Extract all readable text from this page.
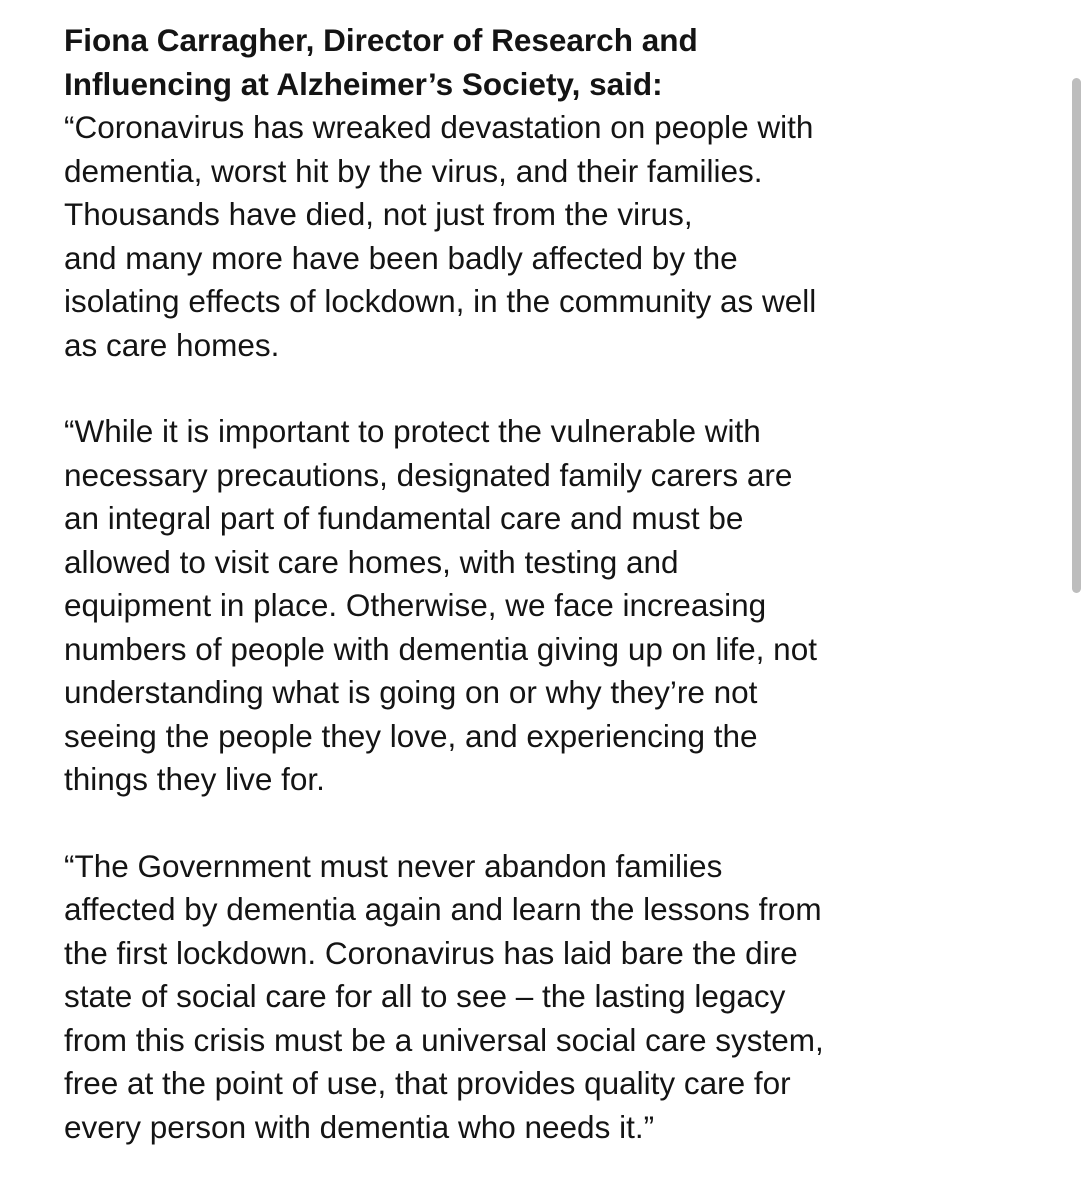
Fiona Carragher, Director of Research and
Influencing at Alzheimer’s Society, said:
“Coronavirus has wreaked devastation on people with
dementia, worst hit by the virus, and their families.
Thousands have died, not just from the virus,
and many more have been badly affected by the
isolating effects of lockdown, in the community as well
as care homes.
“While it is important to protect the vulnerable with
necessary precautions, designated family carers are
an integral part of fundamental care and must be
allowed to visit care homes, with testing and
equipment in place. Otherwise, we face increasing
numbers of people with dementia giving up on life, not
understanding what is going on or why they’re not
seeing the people they love, and experiencing the
things they live for.
“The Government must never abandon families
affected by dementia again and learn the lessons from
the first lockdown. Coronavirus has laid bare the dire
state of social care for all to see – the lasting legacy
from this crisis must be a universal social care system,
free at the point of use, that provides quality care for
every person with dementia who needs it.”
